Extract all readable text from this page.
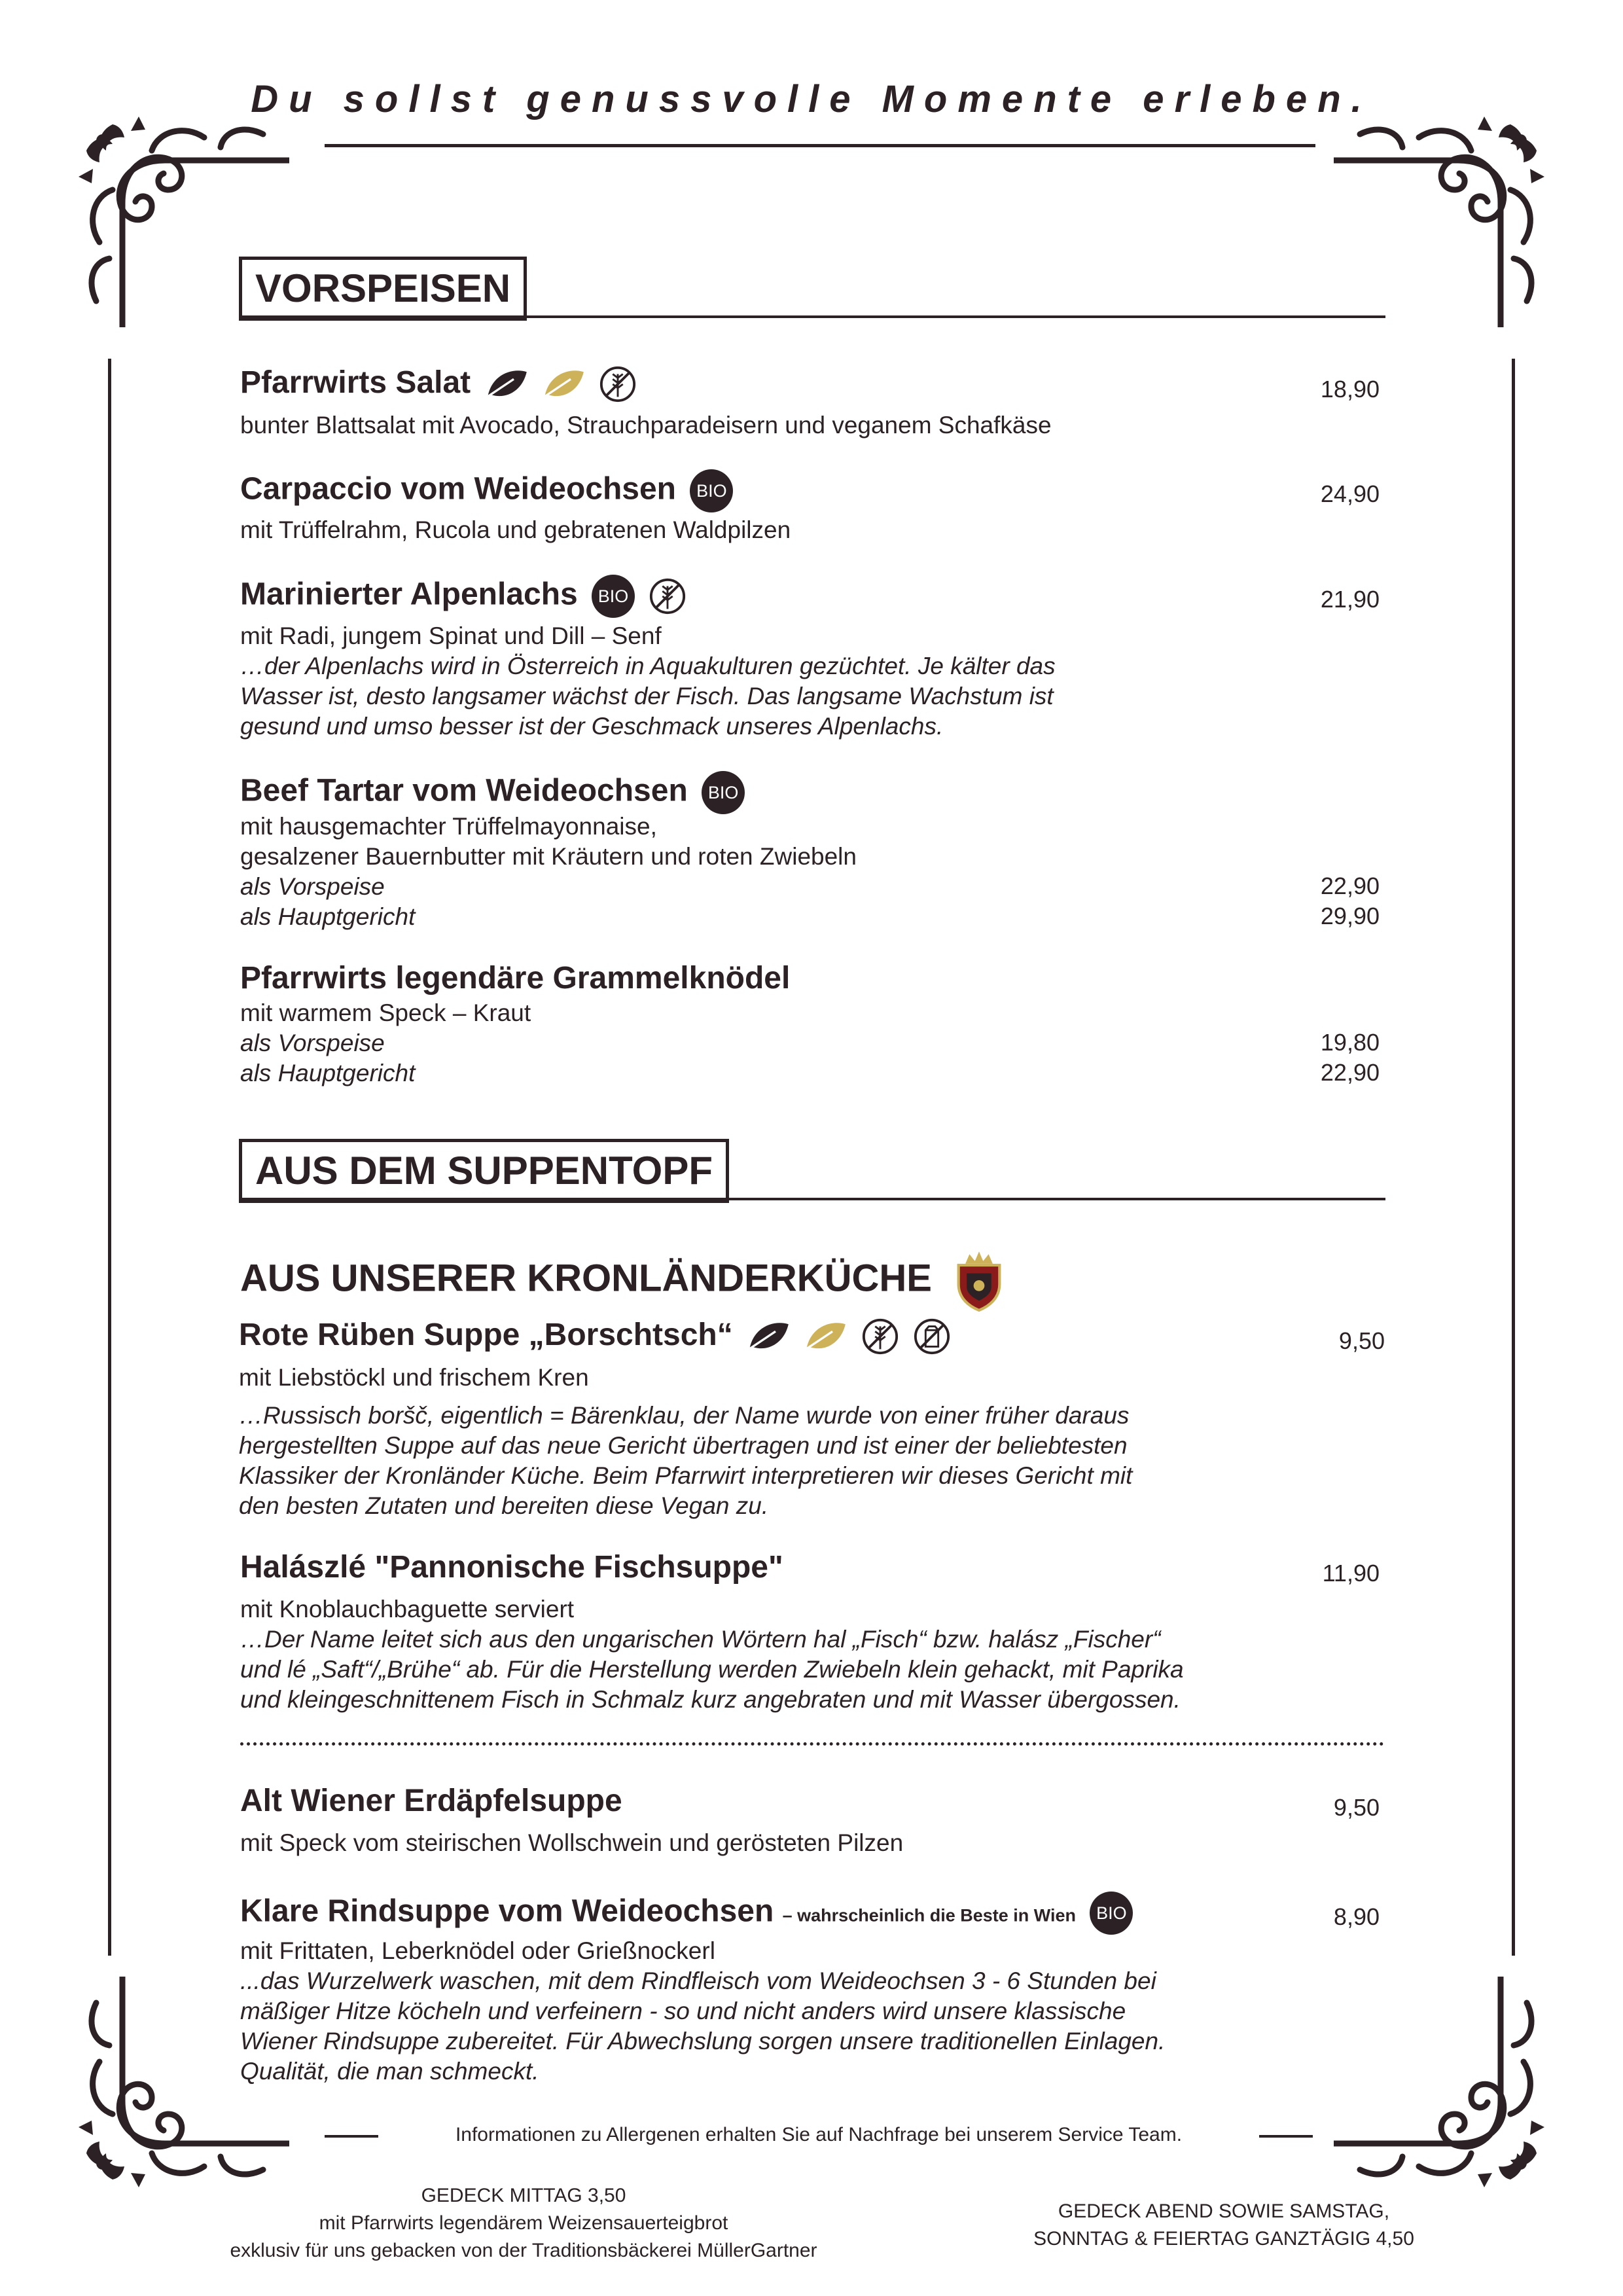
Du sollst genussvolle Momente erleben.
VORSPEISEN
Pfarrwirts Salat	18,90
bunter Blattsalat mit Avocado, Strauchparadeisern und veganem Schafkäse
Carpaccio vom Weideochsen BIO	24,90
mit Trüffelrahm, Rucola und gebratenen Waldpilzen
Marinierter Alpenlachs BIO	21,90
mit Radi, jungem Spinat und Dill – Senf
…der Alpenlachs wird in Österreich in Aquakulturen gezüchtet. Je kälter das
Wasser ist, desto langsamer wächst der Fisch. Das langsame Wachstum ist
gesund und umso besser ist der Geschmack unseres Alpenlachs.
Beef Tartar vom Weideochsen BIO
mit hausgemachter Trüffelmayonnaise,
gesalzener Bauernbutter mit Kräutern und roten Zwiebeln
als Vorspeise	22,90
als Hauptgericht	29,90
Pfarrwirts legendäre Grammelknödel
mit warmem Speck – Kraut
als Vorspeise	19,80
als Hauptgericht	22,90
AUS DEM SUPPENTOPF
AUS UNSERER KRONLÄNDERKÜCHE
Rote Rüben Suppe „Borschtsch“	9,50
mit Liebstöckl und frischem Kren
…Russisch boršč, eigentlich = Bärenklau, der Name wurde von einer früher daraus
hergestellten Suppe auf das neue Gericht übertragen und ist einer der beliebtesten
Klassiker der Kronländer Küche. Beim Pfarrwirt interpretieren wir dieses Gericht mit
den besten Zutaten und bereiten diese Vegan zu.
Halászlé "Pannonische Fischsuppe"	11,90
mit Knoblauchbaguette serviert
…Der Name leitet sich aus den ungarischen Wörtern hal „Fisch“ bzw. halász „Fischer“
und lé „Saft“/„Brühe“ ab. Für die Herstellung werden Zwiebeln klein gehackt, mit Paprika
und kleingeschnittenem Fisch in Schmalz kurz angebraten und mit Wasser übergossen.
Alt Wiener Erdäpfelsuppe	9,50
mit Speck vom steirischen Wollschwein und gerösteten Pilzen
Klare Rindsuppe vom Weideochsen – wahrscheinlich die Beste in Wien BIO	8,90
mit Frittaten, Leberknödel oder Grießnockerl
...das Wurzelwerk waschen, mit dem Rindfleisch vom Weideochsen 3 - 6 Stunden bei
mäßiger Hitze köcheln und verfeinern - so und nicht anders wird unsere klassische
Wiener Rindsuppe zubereitet. Für Abwechslung sorgen unsere traditionellen Einlagen.
Qualität, die man schmeckt.
Informationen zu Allergenen erhalten Sie auf Nachfrage bei unserem Service Team.
GEDECK MITTAG 3,50
mit Pfarrwirts legendärem Weizensauerteigbrot
exklusiv für uns gebacken von der Traditionsbäckerei MüllerGartner
GEDECK ABEND SOWIE SAMSTAG,
SONNTAG & FEIERTAG GANZTÄGIG 4,50
